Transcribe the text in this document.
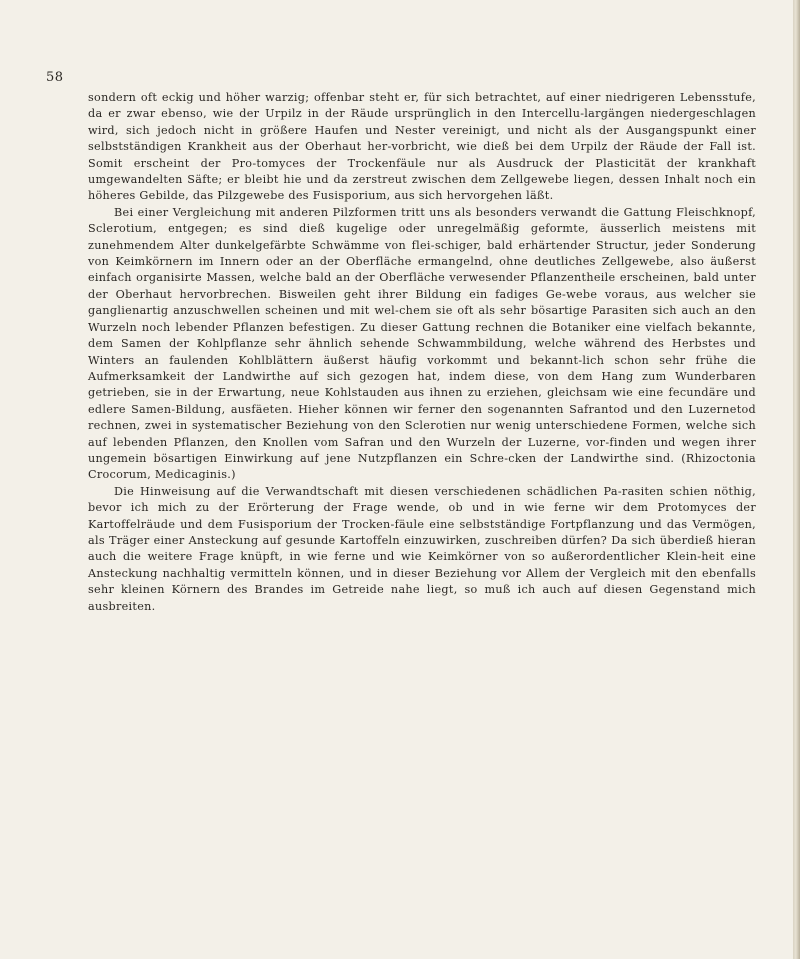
58

sondern oft eckig und höher warzig; offenbar steht er, für sich betrachtet, auf einer niedrigeren Lebensstufe, da er zwar ebenso, wie der Urpilz in der Räude ursprünglich in den Intercellu-largängen niedergeschlagen wird, sich jedoch nicht in größere Haufen und Nester vereinigt, und nicht als der Ausgangspunkt einer selbstständigen Krankheit aus der Oberhaut her-vorbricht, wie dieß bei dem Urpilz der Räude der Fall ist. Somit erscheint der Pro-tomyces der Trockenfäule nur als Ausdruck der Plasticität der krankhaft umgewandelten Säfte; er bleibt hie und da zerstreut zwischen dem Zellgewebe liegen, dessen Inhalt noch ein höheres Gebilde, das Pilzgewebe des Fusisporium, aus sich hervorgehen läßt.

Bei einer Vergleichung mit anderen Pilzformen tritt uns als besonders verwandt die Gattung Fleischknopf, Sclerotium, entgegen; es sind dieß kugelige oder unregelmäßig geformte, äusserlich meistens mit zunehmendem Alter dunkelgefärbte Schwämme von flei-schiger, bald erhärtender Structur, jeder Sonderung von Keimkörnern im Innern oder an der Oberfläche ermangelnd, ohne deutliches Zellgewebe, also äußerst einfach organisirte Massen, welche bald an der Oberfläche verwesender Pflanzentheile erscheinen, bald unter der Oberhaut hervorbrechen. Bisweilen geht ihrer Bildung ein fadiges Ge-webe voraus, aus welcher sie ganglienartig anzuschwellen scheinen und mit wel-chem sie oft als sehr bösartige Parasiten sich auch an den Wurzeln noch lebender Pflanzen befestigen. Zu dieser Gattung rechnen die Botaniker eine vielfach bekannte, dem Samen der Kohlpflanze sehr ähnlich sehende Schwammbildung, welche während des Herbstes und Winters an faulenden Kohlblättern äußerst häufig vorkommt und bekannt-lich schon sehr frühe die Aufmerksamkeit der Landwirthe auf sich gezogen hat, indem diese, von dem Hang zum Wunderbaren getrieben, sie in der Erwartung, neue Kohlstauden aus ihnen zu erziehen, gleichsam wie eine fecundäre und edlere Samen-Bildung, ausfäeten. Hieher können wir ferner den sogenannten Safrantod und den Luzernetod rechnen, zwei in systematischer Beziehung von den Sclerotien nur wenig unterschiedene Formen, welche sich auf lebenden Pflanzen, den Knollen vom Safran und den Wurzeln der Luzerne, vor-finden und wegen ihrer ungemein bösartigen Einwirkung auf jene Nutzpflanzen ein Schre-cken der Landwirthe sind. (Rhizoctonia Crocorum, Medicaginis.)

Die Hinweisung auf die Verwandtschaft mit diesen verschiedenen schädlichen Pa-rasiten schien nöthig, bevor ich mich zu der Erörterung der Frage wende, ob und in wie ferne wir dem Protomyces der Kartoffelräude und dem Fusisporium der Trocken-fäule eine selbstständige Fortpflanzung und das Vermögen, als Träger einer Ansteckung auf gesunde Kartoffeln einzuwirken, zuschreiben dürfen? Da sich überdieß hieran auch die weitere Frage knüpft, in wie ferne und wie Keimkörner von so außerordentlicher Klein-heit eine Ansteckung nachhaltig vermitteln können, und in dieser Beziehung vor Allem der Vergleich mit den ebenfalls sehr kleinen Körnern des Brandes im Getreide nahe liegt, so muß ich auch auf diesen Gegenstand mich ausbreiten.
